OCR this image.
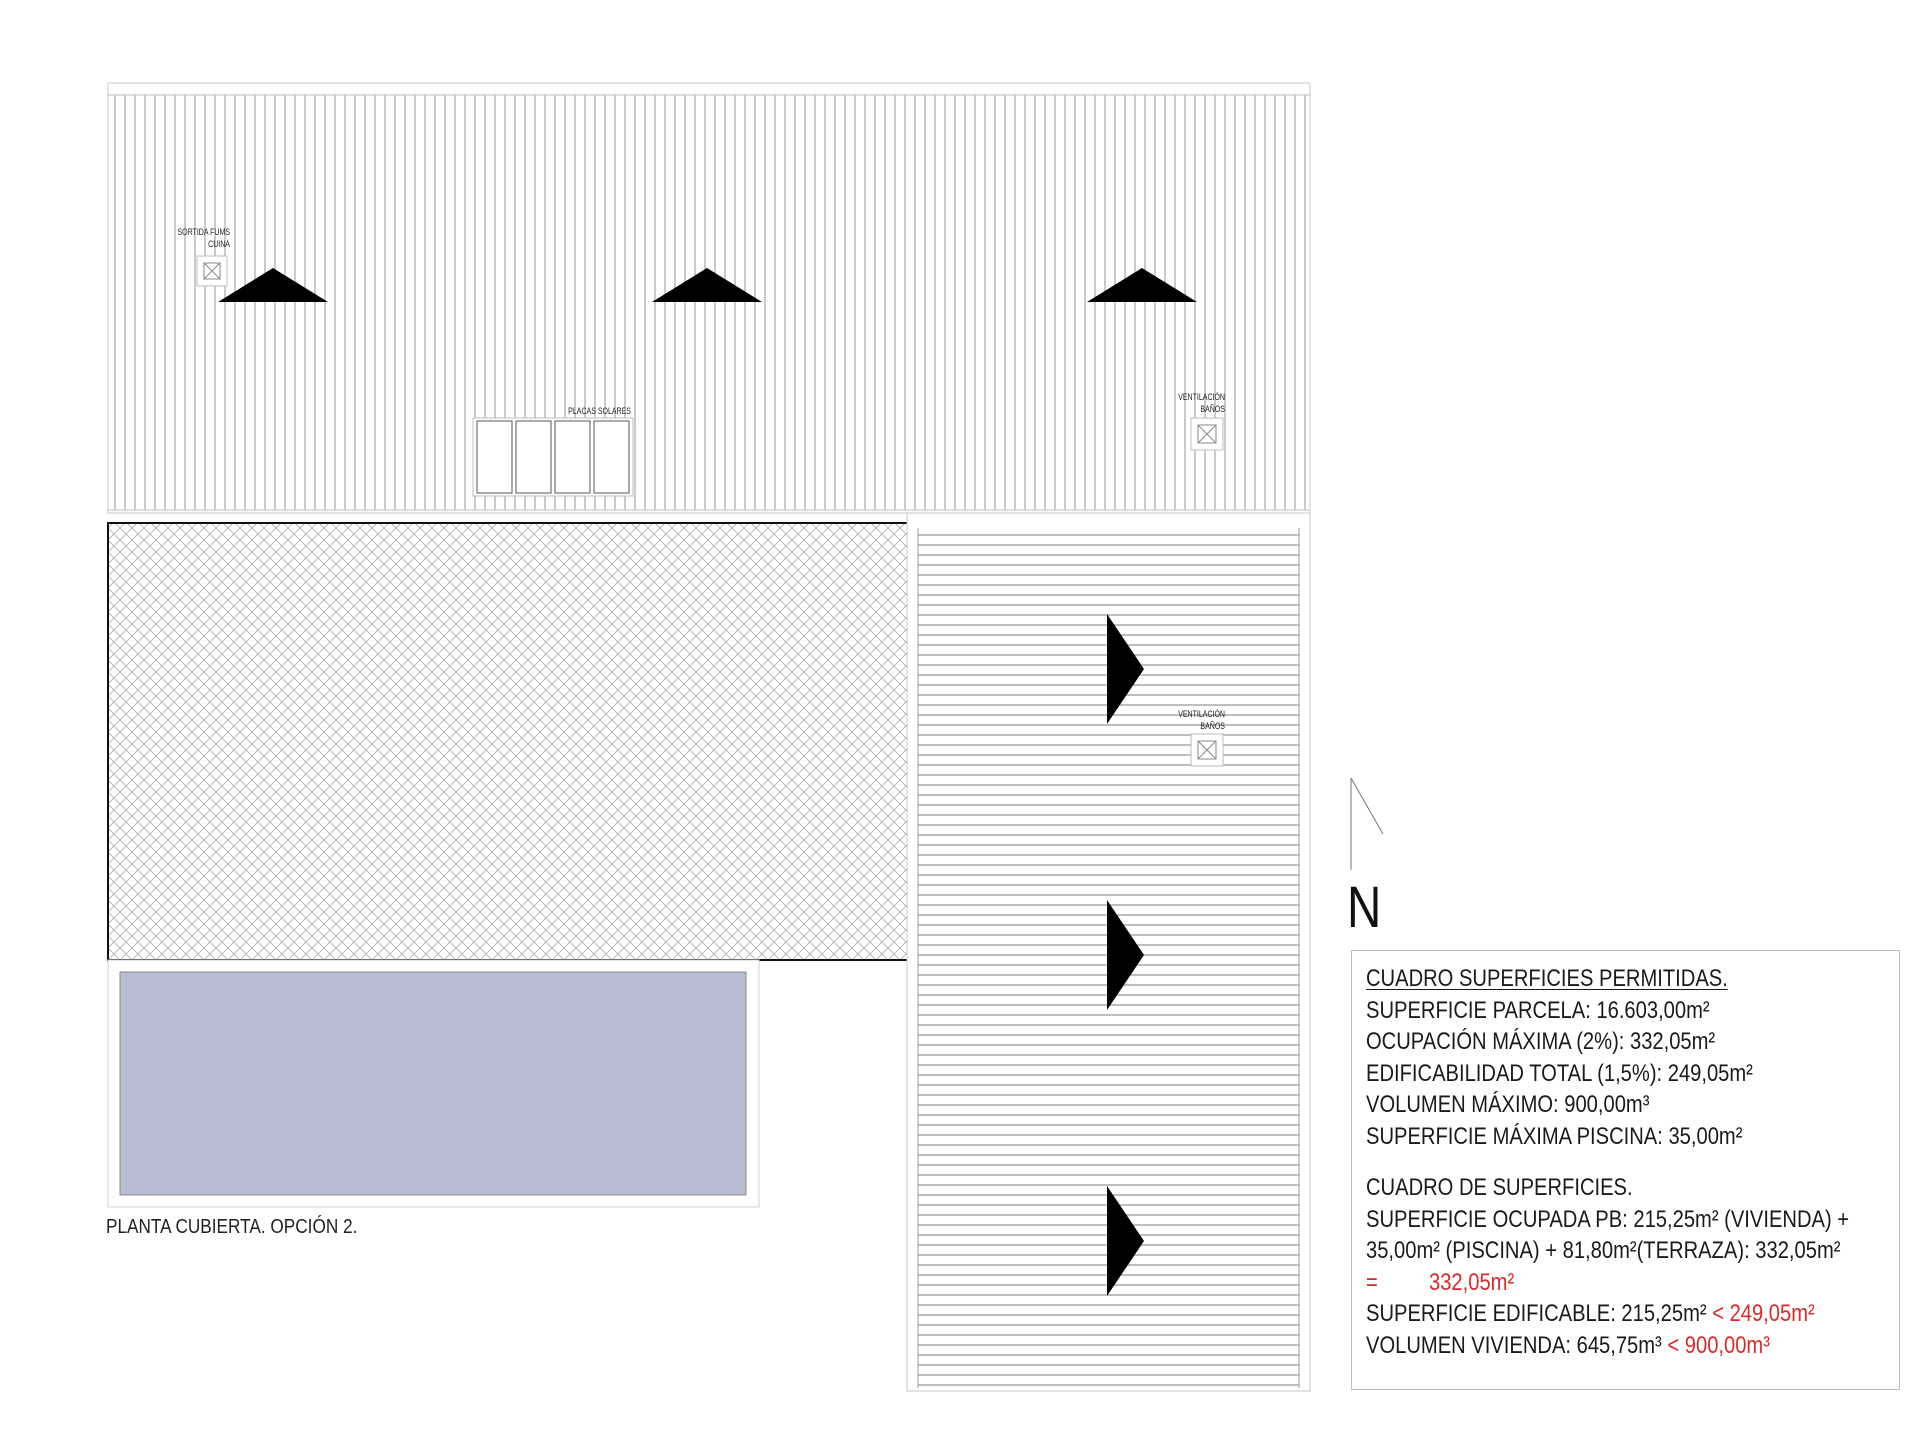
SORTIDA FUMS
CUINA
PLACAS SOLARES
VENTILACIÓN
BAÑOS
VENTILACIÓN
BAÑOS
PLANTA CUBIERTA. OPCIÓN 2.
N
CUADRO SUPERFICIES PERMITIDAS.
SUPERFICIE PARCELA: 16.603,00m²
OCUPACIÓN MÁXIMA (2%): 332,05m²
EDIFICABILIDAD TOTAL (1,5%): 249,05m²
VOLUMEN MÁXIMO: 900,00m³
SUPERFICIE MÁXIMA PISCINA: 35,00m²
CUADRO DE SUPERFICIES.
SUPERFICIE OCUPADA PB: 215,25m² (VIVIENDA) +
35,00m² (PISCINA) + 81,80m²(TERRAZA): 332,05m²
= 332,05m²
SUPERFICIE EDIFICABLE: 215,25m² < 249,05m²
VOLUMEN VIVIENDA: 645,75m³ < 900,00m³
